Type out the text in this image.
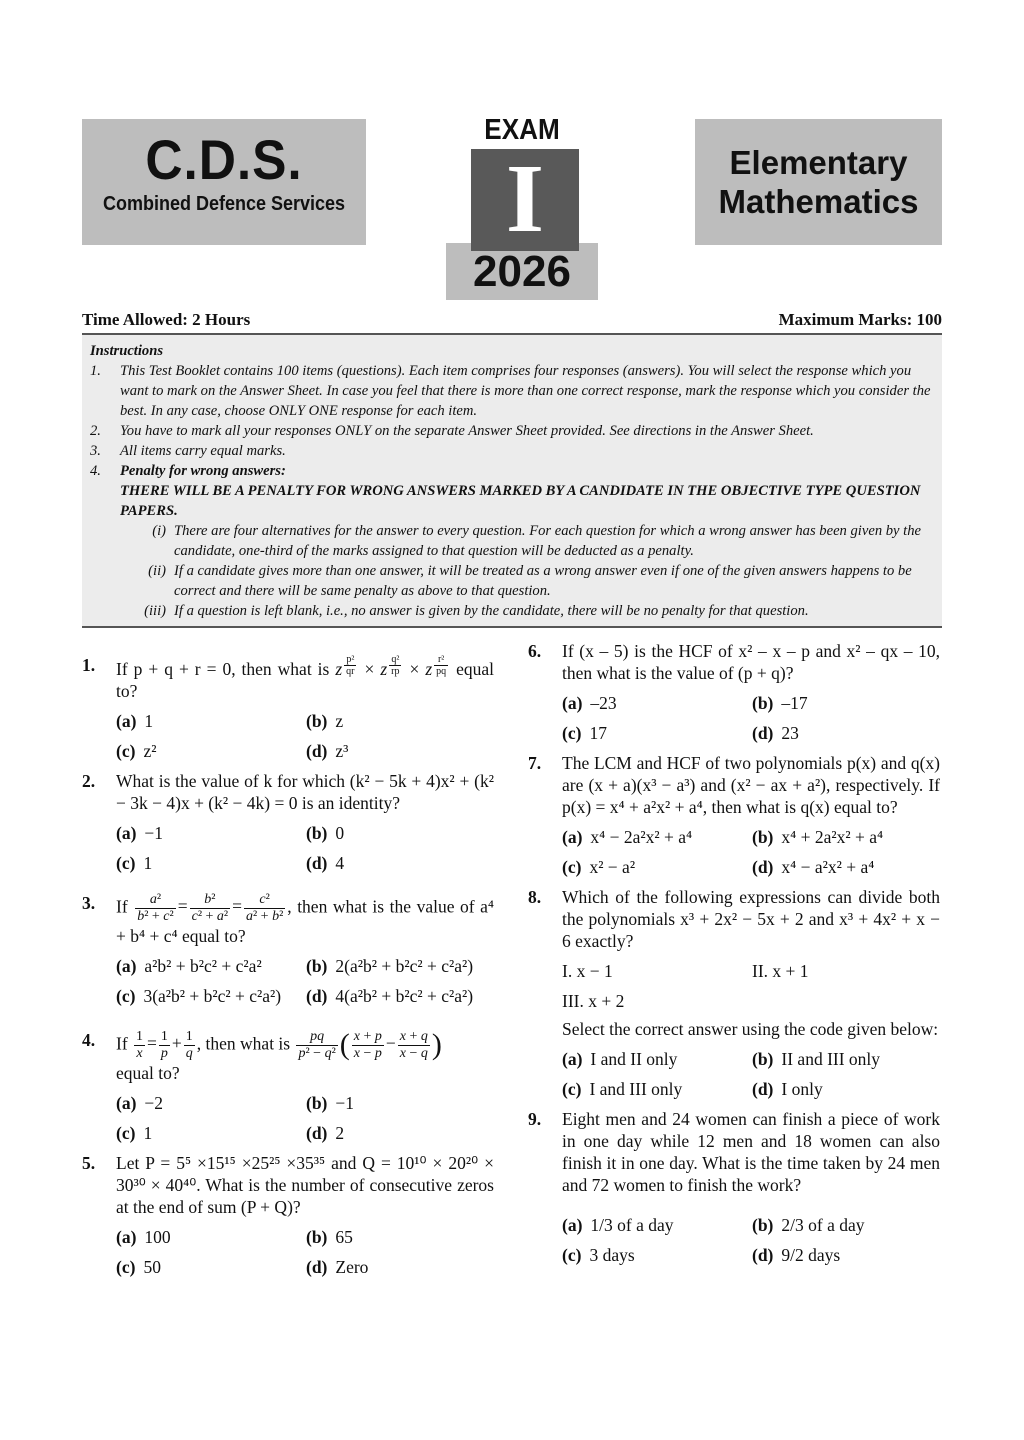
C.D.S.
Combined Defence Services
EXAM
I
2026
Elementary
Mathematics
Time Allowed: 2 Hours	Maximum Marks: 100
Instructions
1.	This Test Booklet contains 100 items (questions). Each item comprises four responses (answers). You will select the response which you want to mark on the Answer Sheet. In case you feel that there is more than one correct response, mark the response which you consider the best. In any case, choose ONLY ONE response for each item.
2.	You have to mark all your responses ONLY on the separate Answer Sheet provided. See directions in the Answer Sheet.
3.	All items carry equal marks.
4.	Penalty for wrong answers:
THERE WILL BE A PENALTY FOR WRONG ANSWERS MARKED BY A CANDIDATE IN THE OBJECTIVE TYPE QUESTION PAPERS.
(i) There are four alternatives for the answer to every question. For each question for which a wrong answer has been given by the candidate, one-third of the marks assigned to that question will be deducted as a penalty.
(ii) If a candidate gives more than one answer, it will be treated as a wrong answer even if one of the given answers happens to be correct and there will be same penalty as above to that question.
(iii) If a question is left blank, i.e., no answer is given by the candidate, there will be no penalty for that question.
1.	If p + q + r = 0, then what is z $^{\frac{\text{p²}}{qr}}$ × z $^{\frac{\text{q²}}{rp}}$ × z $^{\frac{\text{r²}}{pq}}$ equal to?
(a) 1	(b) z
(c) z²	(d) z³
2.	What is the value of k for which (k² − 5k + 4)x² + (k² − 3k − 4)x + (k² − 4k) = 0 is an identity?
(a) −1	(b) 0
(c) 1	(d) 4
3.	If $\frac{\text{a²}}{\text{b² + c²}} = \frac{\text{b²}}{\text{c² + a²}} = \frac{\text{c²}}{\text{a² + b²}}$ , then what is the value of a⁴ + b⁴ + c⁴ equal to?
(a) a²b² + b²c² + c²a²	(b) 2(a²b² + b²c² + c²a²)
(c) 3(a²b² + b²c² + c²a²)	(d) 4(a²b² + b²c² + c²a²)
4.	If $\frac{1}{x} = \frac{1}{p} + \frac{1}{q}$ , then what is $\frac{pq}{\text{p² − q²}}$ ( $\frac{x + p}{x - p} - \frac{x + q}{x - q}$ )
equal to?
(a) −2	(b) −1
(c) 1	(d) 2
5.	Let P = 5⁵ ×15¹⁵ ×25²⁵ ×35³⁵ and Q = 10¹⁰ × 20²⁰ × 30³⁰ × 40⁴⁰. What is the number of consecutive zeros at the end of sum (P + Q)?
(a) 100	(b) 65
(c) 50	(d) Zero
6.	If (x – 5) is the HCF of x² – x – p and x² – qx – 10, then what is the value of (p + q)?
(a) –23	(b) –17
(c) 17	(d) 23
7.	The LCM and HCF of two polynomials p(x) and q(x) are (x + a)(x³ − a³) and (x² − ax + a²), respectively. If p(x) = x⁴ + a²x² + a⁴, then what is q(x) equal to?
(a) x⁴ − 2a²x² + a⁴	(b) x⁴ + 2a²x² + a⁴
(c) x² − a²	(d) x⁴ − a²x² + a⁴
8.	Which of the following expressions can divide both the polynomials x³ + 2x² − 5x + 2 and x³ + 4x² + x − 6 exactly?
I. x − 1	II. x + 1
III. x + 2
Select the correct answer using the code given below:
(a) I and II only	(b) II and III only
(c) I and III only	(d) I only
9.	Eight men and 24 women can finish a piece of work in one day while 12 men and 18 women can also finish it in one day. What is the time taken by 24 men and 72 women to finish the work?
(a) 1/3 of a day	(b) 2/3 of a day
(c) 3 days	(d) 9/2 days
